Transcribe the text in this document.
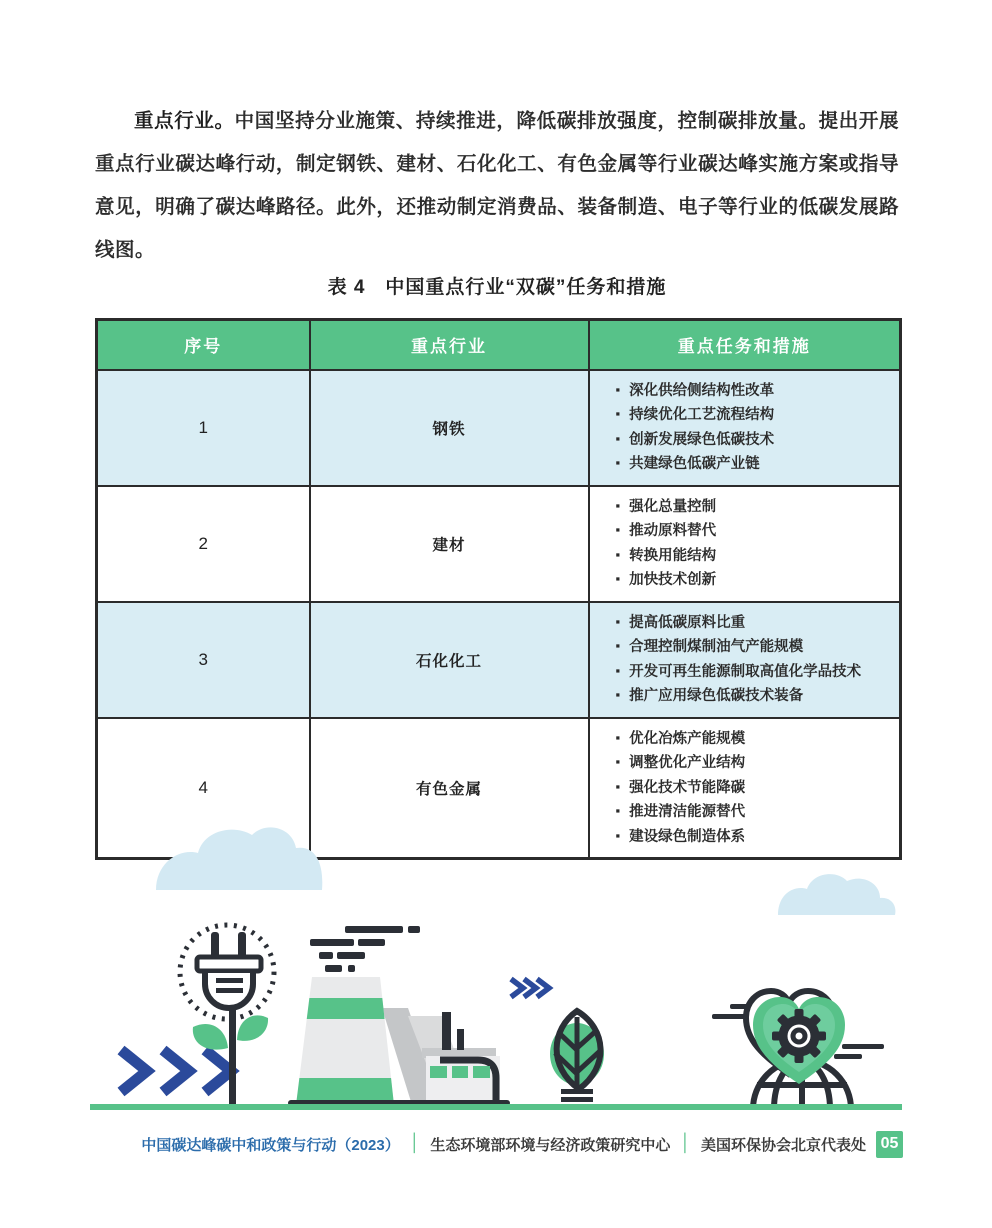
重点行业。中国坚持分业施策、持续推进，降低碳排放强度，控制碳排放量。提出开展重点行业碳达峰行动，制定钢铁、建材、石化化工、有色金属等行业碳达峰实施方案或指导意见，明确了碳达峰路径。此外，还推动制定消费品、装备制造、电子等行业的低碳发展路线图。

表 4　中国重点行业“双碳”任务和措施
序号	重点行业	重点任务和措施
1	钢铁	
▪ 深化供给侧结构性改革
▪ 持续优化工艺流程结构
▪ 创新发展绿色低碳技术
▪ 共建绿色低碳产业链

2	建材	
▪ 强化总量控制
▪ 推动原料替代
▪ 转换用能结构
▪ 加快技术创新

3	石化化工	
▪ 提高低碳原料比重
▪ 合理控制煤制油气产能规模
▪ 开发可再生能源制取高值化学品技术
▪ 推广应用绿色低碳技术装备

4	有色金属	
▪ 优化冶炼产能规模
▪ 调整优化产业结构
▪ 强化技术节能降碳
▪ 推进清洁能源替代
▪ 建设绿色制造体系
中国碳达峰碳中和政策与行动（2023） │ 生态环境部环境与经济政策研究中心 │ 美国环保协会北京代表处 05
